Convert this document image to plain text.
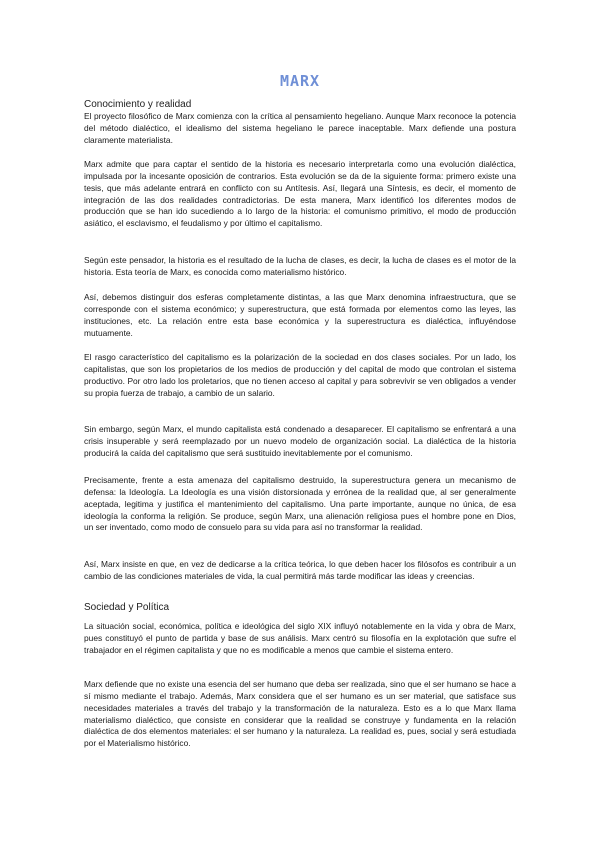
MARX
Conocimiento y realidad
El proyecto filosófico de Marx comienza con la crítica al pensamiento hegeliano. Aunque Marx reconoce la potencia del método dialéctico, el idealismo del sistema hegeliano le parece inaceptable. Marx defiende una postura claramente materialista.
Marx admite que para captar el sentido de la historia es necesario interpretarla como una evolución dialéctica, impulsada por la incesante oposición de contrarios. Esta evolución se da de la siguiente forma: primero existe una tesis, que más adelante entrará en conflicto con su Antítesis. Así, llegará una Síntesis, es decir, el momento de integración de las dos realidades contradictorias. De esta manera, Marx identificó los diferentes modos de producción que se han ido sucediendo a lo largo de la historia: el comunismo primitivo, el modo de producción asiático, el esclavismo, el feudalismo y por último el capitalismo.
Según este pensador, la historia es el resultado de la lucha de clases, es decir, la lucha de clases es el motor de la historia. Esta teoría de Marx, es conocida como materialismo histórico.
Así, debemos distinguir dos esferas completamente distintas, a las que Marx denomina infraestructura, que se corresponde con el sistema económico; y superestructura, que está formada por elementos como las leyes, las instituciones, etc. La relación entre esta base económica y la superestructura es dialéctica, influyéndose mutuamente.
El rasgo característico del capitalismo es la polarización de la sociedad en dos clases sociales. Por un lado, los capitalistas, que son los propietarios de los medios de producción y del capital de modo que controlan el sistema productivo. Por otro lado los proletarios, que no tienen acceso al capital y para sobrevivir se ven obligados a vender su propia fuerza de trabajo, a cambio de un salario.
Sin embargo, según Marx, el mundo capitalista está condenado a desaparecer. El capitalismo se enfrentará a una crisis insuperable y será reemplazado por un nuevo modelo de organización social. La dialéctica de la historia producirá la caída del capitalismo que será sustituido inevitablemente por el comunismo.
Precisamente, frente a esta amenaza del capitalismo destruido, la superestructura genera un mecanismo de defensa: la Ideología. La Ideología es una visión distorsionada y errónea de la realidad que, al ser generalmente aceptada, legitima y justifica el mantenimiento del capitalismo. Una parte importante, aunque no única, de esa ideología la conforma la religión. Se produce, según Marx, una alienación religiosa pues el hombre pone en Dios, un ser inventado, como modo de consuelo para su vida para así no transformar la realidad.
Así, Marx insiste en que, en vez de dedicarse a la crítica teórica, lo que deben hacer los filósofos es contribuir a un cambio de las condiciones materiales de vida, la cual permitirá más tarde modificar las ideas y creencias.
Sociedad y Política
La situación social, económica, política e ideológica del siglo XIX influyó notablemente en la vida y obra de Marx, pues constituyó el punto de partida y base de sus análisis. Marx centró su filosofía en la explotación que sufre el trabajador en el régimen capitalista y que no es modificable a menos que cambie el sistema entero.
Marx defiende que no existe una esencia del ser humano que deba ser realizada, sino que el ser humano se hace a sí mismo mediante el trabajo. Además, Marx considera que el ser humano es un ser material, que satisface sus necesidades materiales a través del trabajo y la transformación de la naturaleza. Esto es a lo que Marx llama materialismo dialéctico, que consiste en considerar que la realidad se construye y fundamenta en la relación dialéctica de dos elementos materiales: el ser humano y la naturaleza. La realidad es, pues, social y será estudiada por el Materialismo histórico.
